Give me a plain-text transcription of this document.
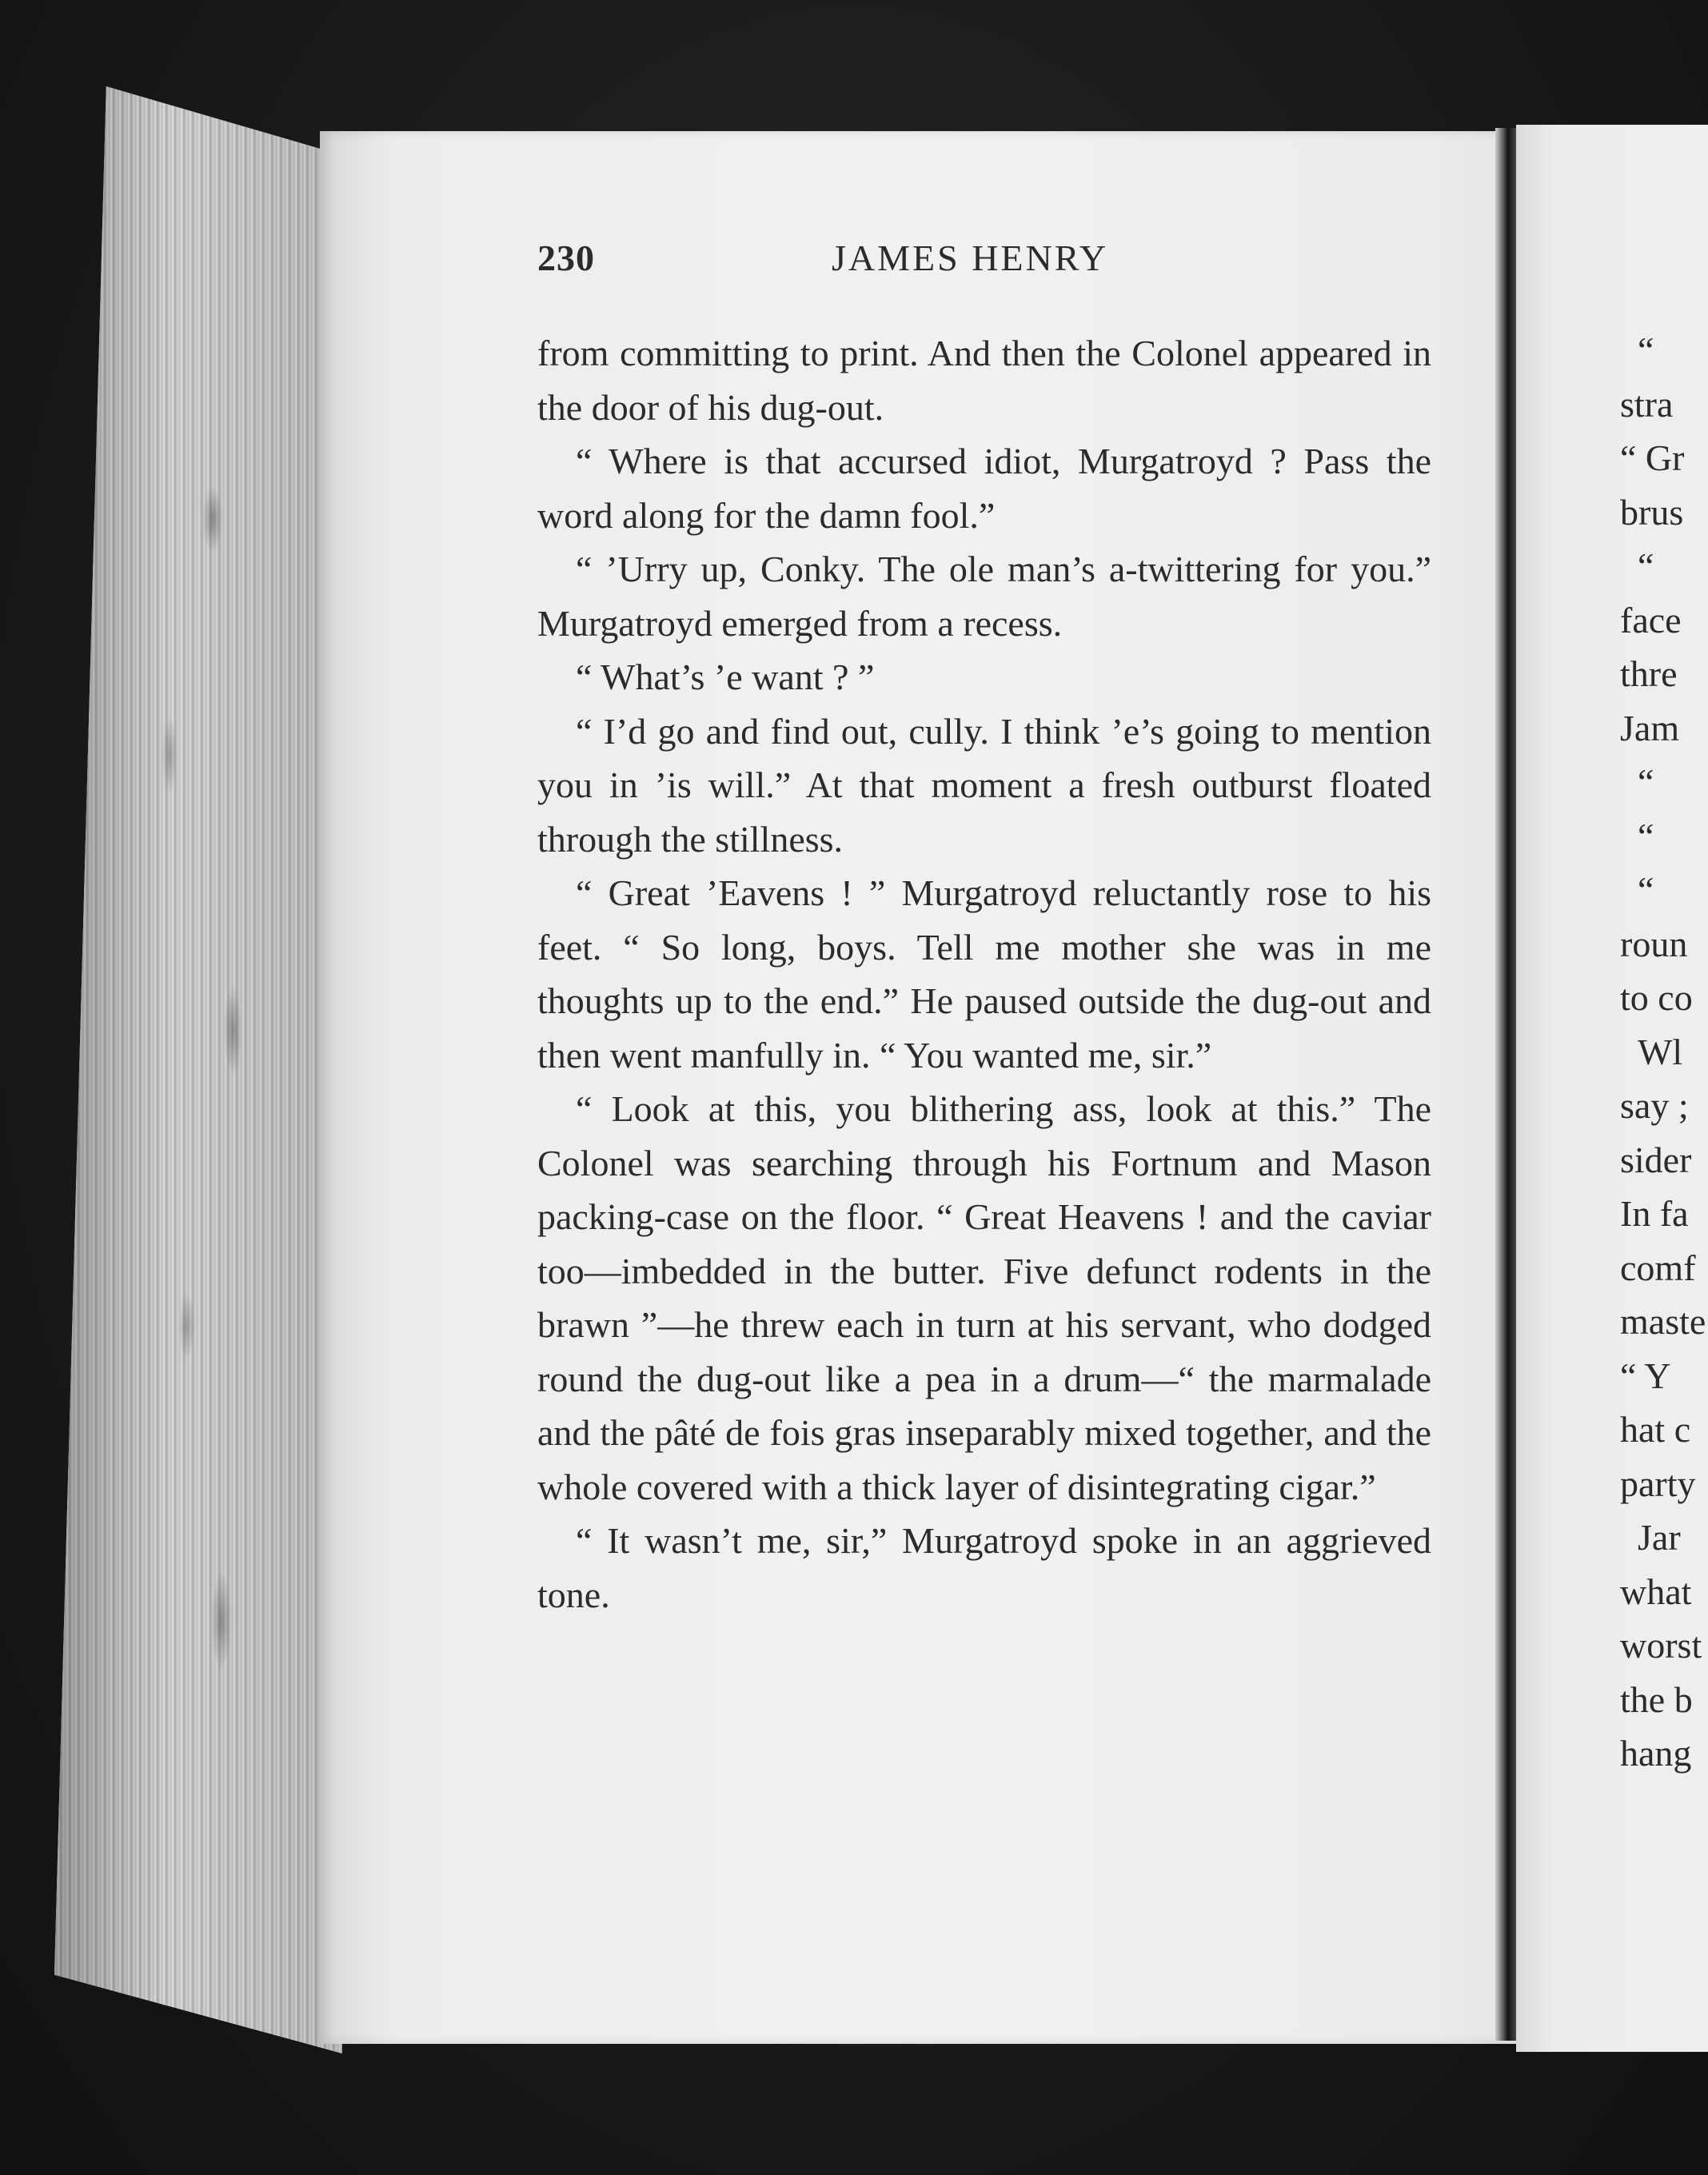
230	JAMES HENRY

from committing to print. And then the Colonel appeared in the door of his dug-out.

“ Where is that accursed idiot, Murgatroyd ? Pass the word along for the damn fool.”

“ ’Urry up, Conky. The ole man’s a-twittering for you.” Murgatroyd emerged from a recess.

“ What’s ’e want ? ”

“ I’d go and find out, cully. I think ’e’s going to mention you in ’is will.” At that moment a fresh outburst floated through the stillness.

“ Great ’Eavens ! ” Murgatroyd reluctantly rose to his feet. “ So long, boys. Tell me mother she was in me thoughts up to the end.” He paused outside the dug-out and then went manfully in. “ You wanted me, sir.”

“ Look at this, you blithering ass, look at this.” The Colonel was searching through his Fortnum and Mason packing-case on the floor. “ Great Heavens ! and the caviar too—imbedded in the butter. Five defunct rodents in the brawn ”—he threw each in turn at his servant, who dodged round the dug-out like a pea in a drum—“ the marmalade and the pâté de fois gras inseparably mixed together, and the whole covered with a thick layer of disintegrating cigar.”

“ It wasn’t me, sir,” Murgatroyd spoke in an aggrieved tone.

“
stra
“ Gr
brus
“
face
thre
Jam
“
“
“
roun
to co
Wl
say ;
sider
In fa
comf
maste
“ Y
hat c
party
Jar
what
worst
the b
hang
